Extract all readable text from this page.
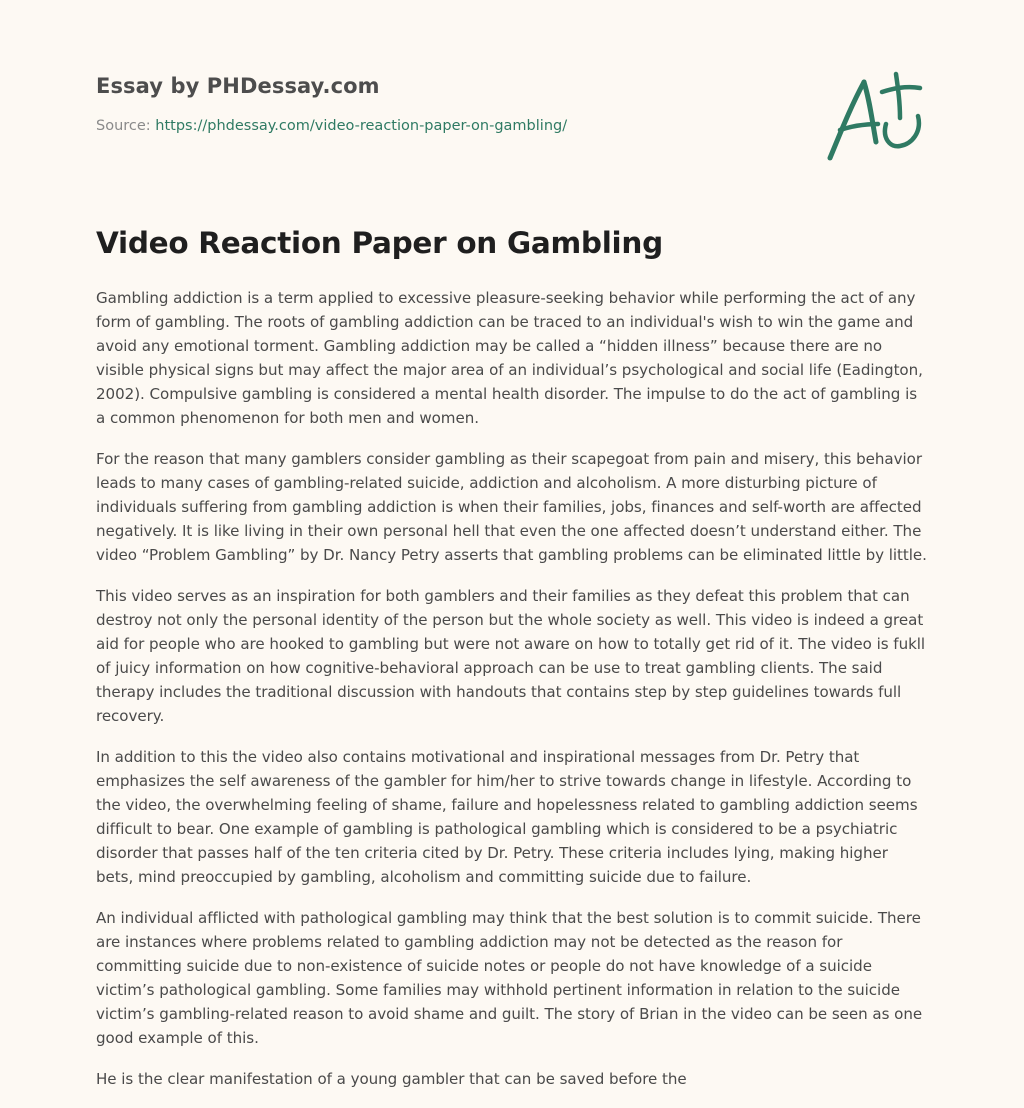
Essay by PHDessay.com
Source: https://phdessay.com/video-reaction-paper-on-gambling/
Video Reaction Paper on Gambling

Gambling addiction is a term applied to excessive pleasure-seeking behavior while performing the act of any form of gambling. The roots of gambling addiction can be traced to an individual's wish to win the game and avoid any emotional torment. Gambling addiction may be called a “hidden illness” because there are no visible physical signs but may affect the major area of an individual’s psychological and social life (Eadington, 2002). Compulsive gambling is considered a mental health disorder. The impulse to do the act of gambling is a common phenomenon for both men and women.

For the reason that many gamblers consider gambling as their scapegoat from pain and misery, this behavior leads to many cases of gambling-related suicide, addiction and alcoholism. A more disturbing picture of individuals suffering from gambling addiction is when their families, jobs, finances and self-worth are affected negatively. It is like living in their own personal hell that even the one affected doesn’t understand either. The video “Problem Gambling” by Dr. Nancy Petry asserts that gambling problems can be eliminated little by little.

This video serves as an inspiration for both gamblers and their families as they defeat this problem that can destroy not only the personal identity of the person but the whole society as well. This video is indeed a great aid for people who are hooked to gambling but were not aware on how to totally get rid of it. The video is fukll of juicy information on how cognitive-behavioral approach can be use to treat gambling clients. The said therapy includes the traditional discussion with handouts that contains step by step guidelines towards full recovery.

In addition to this the video also contains motivational and inspirational messages from Dr. Petry that emphasizes the self awareness of the gambler for him/her to strive towards change in lifestyle. According to the video, the overwhelming feeling of shame, failure and hopelessness related to gambling addiction seems difficult to bear. One example of gambling is pathological gambling which is considered to be a psychiatric disorder that passes half of the ten criteria cited by Dr. Petry. These criteria includes lying, making higher bets, mind preoccupied by gambling, alcoholism and committing suicide due to failure.

An individual afflicted with pathological gambling may think that the best solution is to commit suicide. There are instances where problems related to gambling addiction may not be detected as the reason for committing suicide due to non-existence of suicide notes or people do not have knowledge of a suicide victim’s pathological gambling. Some families may withhold pertinent information in relation to the suicide victim’s gambling-related reason to avoid shame and guilt. The story of Brian in the video can be seen as one good example of this.

He is the clear manifestation of a young gambler that can be saved before the
